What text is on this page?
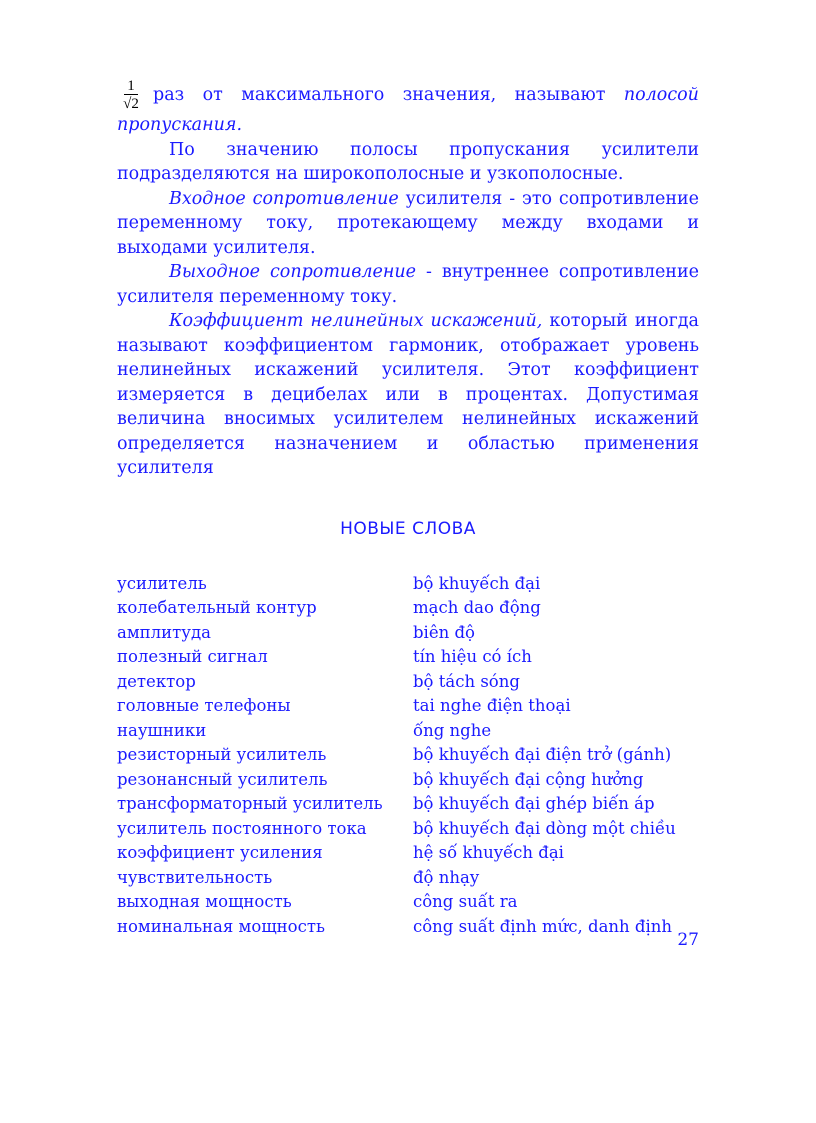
$\frac{1}{√2}$ раз от максимального значения, называют полосой

пропускания.

По значению полосы пропускания усилители подразделяются на широкополосные и узкополосные.

Входное сопротивление усилителя - это сопротивление переменному току, протекающему между входами и выходами усилителя.

Выходное сопротивление - внутреннее сопротивление усилителя переменному току.

Коэффициент нелинейных искажений, который иногда называют коэффициентом гармоник, отображает уровень нелинейных искажений усилителя. Этот коэффициент измеряется в децибелах или в процентах. Допустимая величина вносимых усилителем нелинейных искажений определяется назначением и областью применения усилителя

НОВЫЕ СЛОВА
усилитель	bộ khuyếch đại
колебательный контур	mạch dao động
амплитуда	biên độ
полезный сигнал	tín hiệu có ích
детектор	bộ tách sóng
головные телефоны	tai nghe điện thoại
наушники	ống nghe
резисторный усилитель	bộ khuyếch đại điện trở (gánh)
резонансный усилитель	bộ khuyếch đại cộng hưởng
трансформаторный усилитель	bộ khuyếch đại ghép biến áp
усилитель постоянного тока	bộ khuyếch đại dòng một chiều
коэффициент усиления	hệ số khuyếch đại
чувствительность	độ nhạy
выходная мощность	công suất ra
номинальная мощность	công suất định mức, danh định
27
